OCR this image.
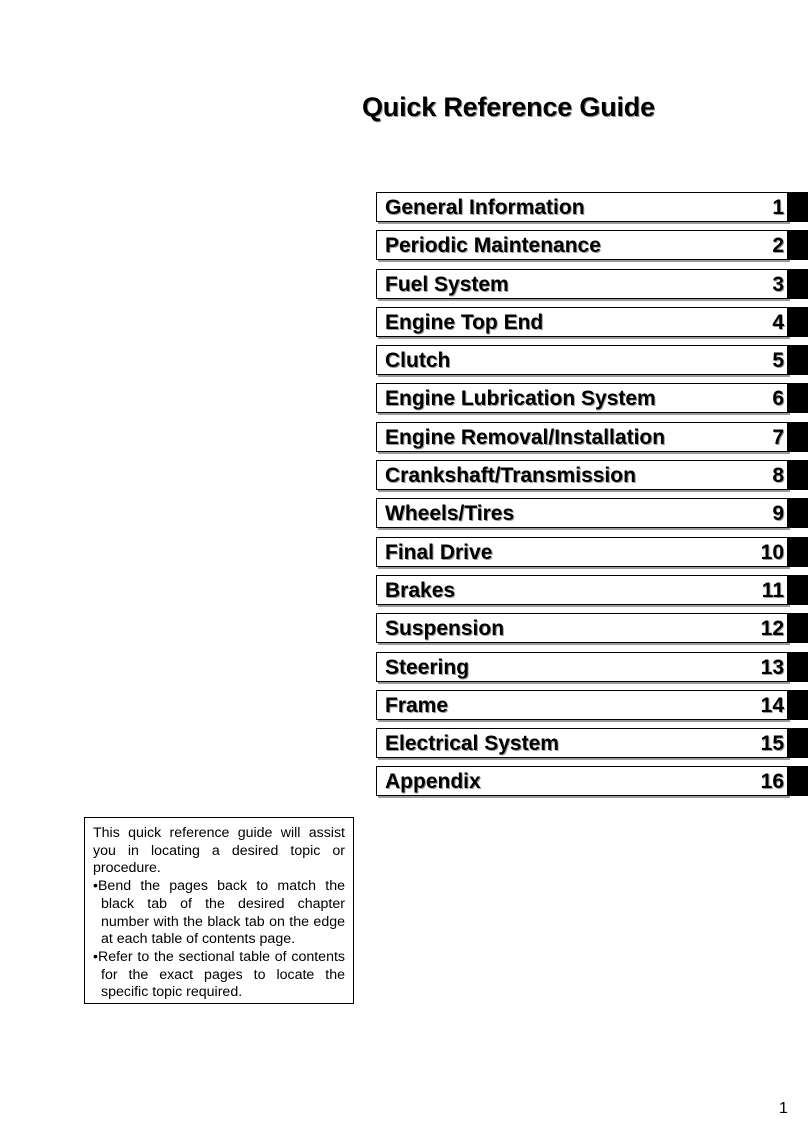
Quick Reference Guide
General Information	1
Periodic Maintenance	2
Fuel System	3
Engine Top End	4
Clutch	5
Engine Lubrication System	6
Engine Removal/Installation	7
Crankshaft/Transmission	8
Wheels/Tires	9
Final Drive	10
Brakes	11
Suspension	12
Steering	13
Frame	14
Electrical System	15
Appendix	16

This quick reference guide will assist you in locating a desired topic or procedure.

•Bend the pages back to match the black tab of the desired chapter number with the black tab on the edge at each table of contents page.

•Refer to the sectional table of contents for the exact pages to locate the specific topic required.

1
